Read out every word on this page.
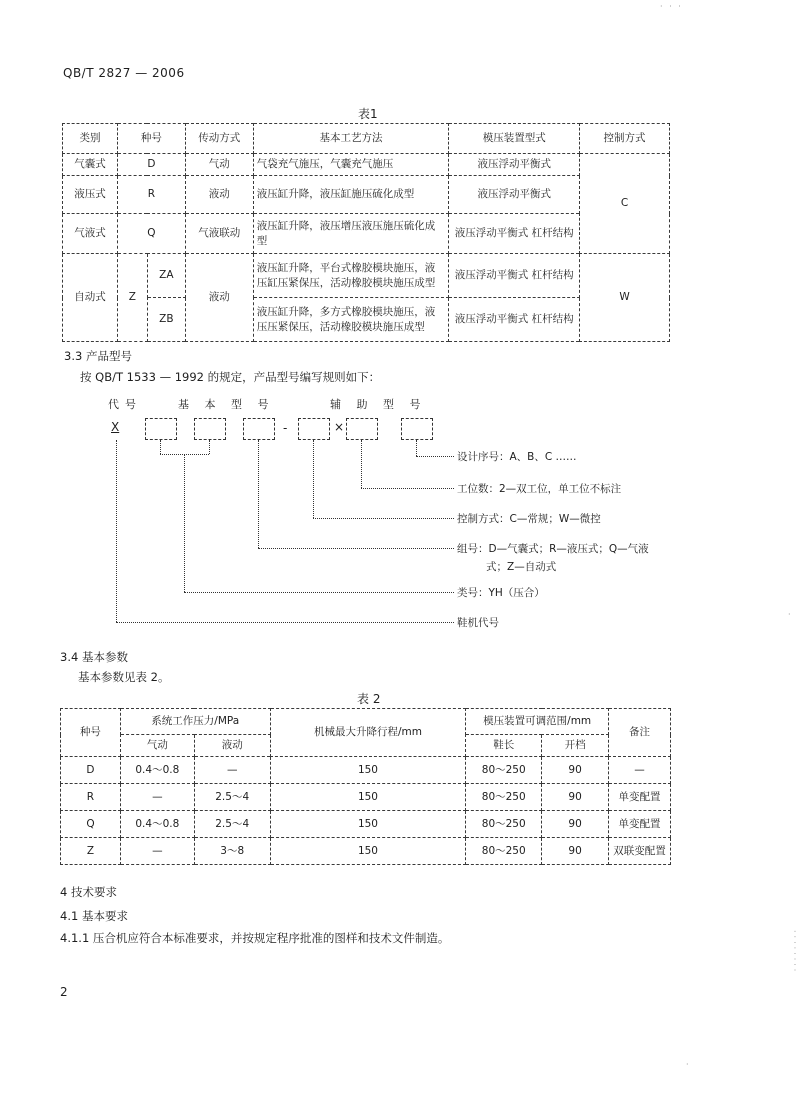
QB/T 2827 — 2006
· · ·
表1
类别	种号		传动方式	基本工艺方法	模压装置型式	控制方式
气囊式	D		气动	气袋充气施压，气囊充气施压	液压浮动平衡式	C
液压式	R		液动	液压缸升降，液压缸施压硫化成型	液压浮动平衡式	
气液式	Q		气液联动	液压缸升降，液压增压液压施压硫化成型	液压浮动平衡式 杠杆结构	
自动式	Z	ZA	液动	液压缸升降，平台式橡胶模块施压，液压缸压紧保压，活动橡胶模块施压成型	液压浮动平衡式 杠杆结构	W
		ZB		液压缸升降，多方式橡胶模块施压，液压压紧保压，活动橡胶模块施压成型	液压浮动平衡式 杠杆结构	
3.3 产品型号
按 QB/T 1533 — 1992 的规定，产品型号编写规则如下：
代号	基 本 型 号	辅 助 型 号
X	-	×
设计序号：A、B、C ……
工位数：2—双工位，单工位不标注
控制方式：C—常规；W—微控
组号：D—气囊式；R—液压式；Q—气液
式；Z—自动式
类号：YH（压合）
鞋机代号
3.4 基本参数
基本参数见表 2。
表 2
种号	系统工作压力/MPa		机械最大升降行程/mm	模压装置可调范围/mm		备注
	气动	液动		鞋长	开档	
D	0.4～0.8	—	150	80～250	90	—
R	—	2.5～4	150	80～250	90	单变配置
Q	0.4～0.8	2.5～4	150	80～250	90	单变配置
Z	—	3～8	150	80～250	90	双联变配置
4 技术要求
4.1 基本要求
4.1.1 压合机应符合本标准要求，并按规定程序批准的图样和技术文件制造。
2
········
·
·
